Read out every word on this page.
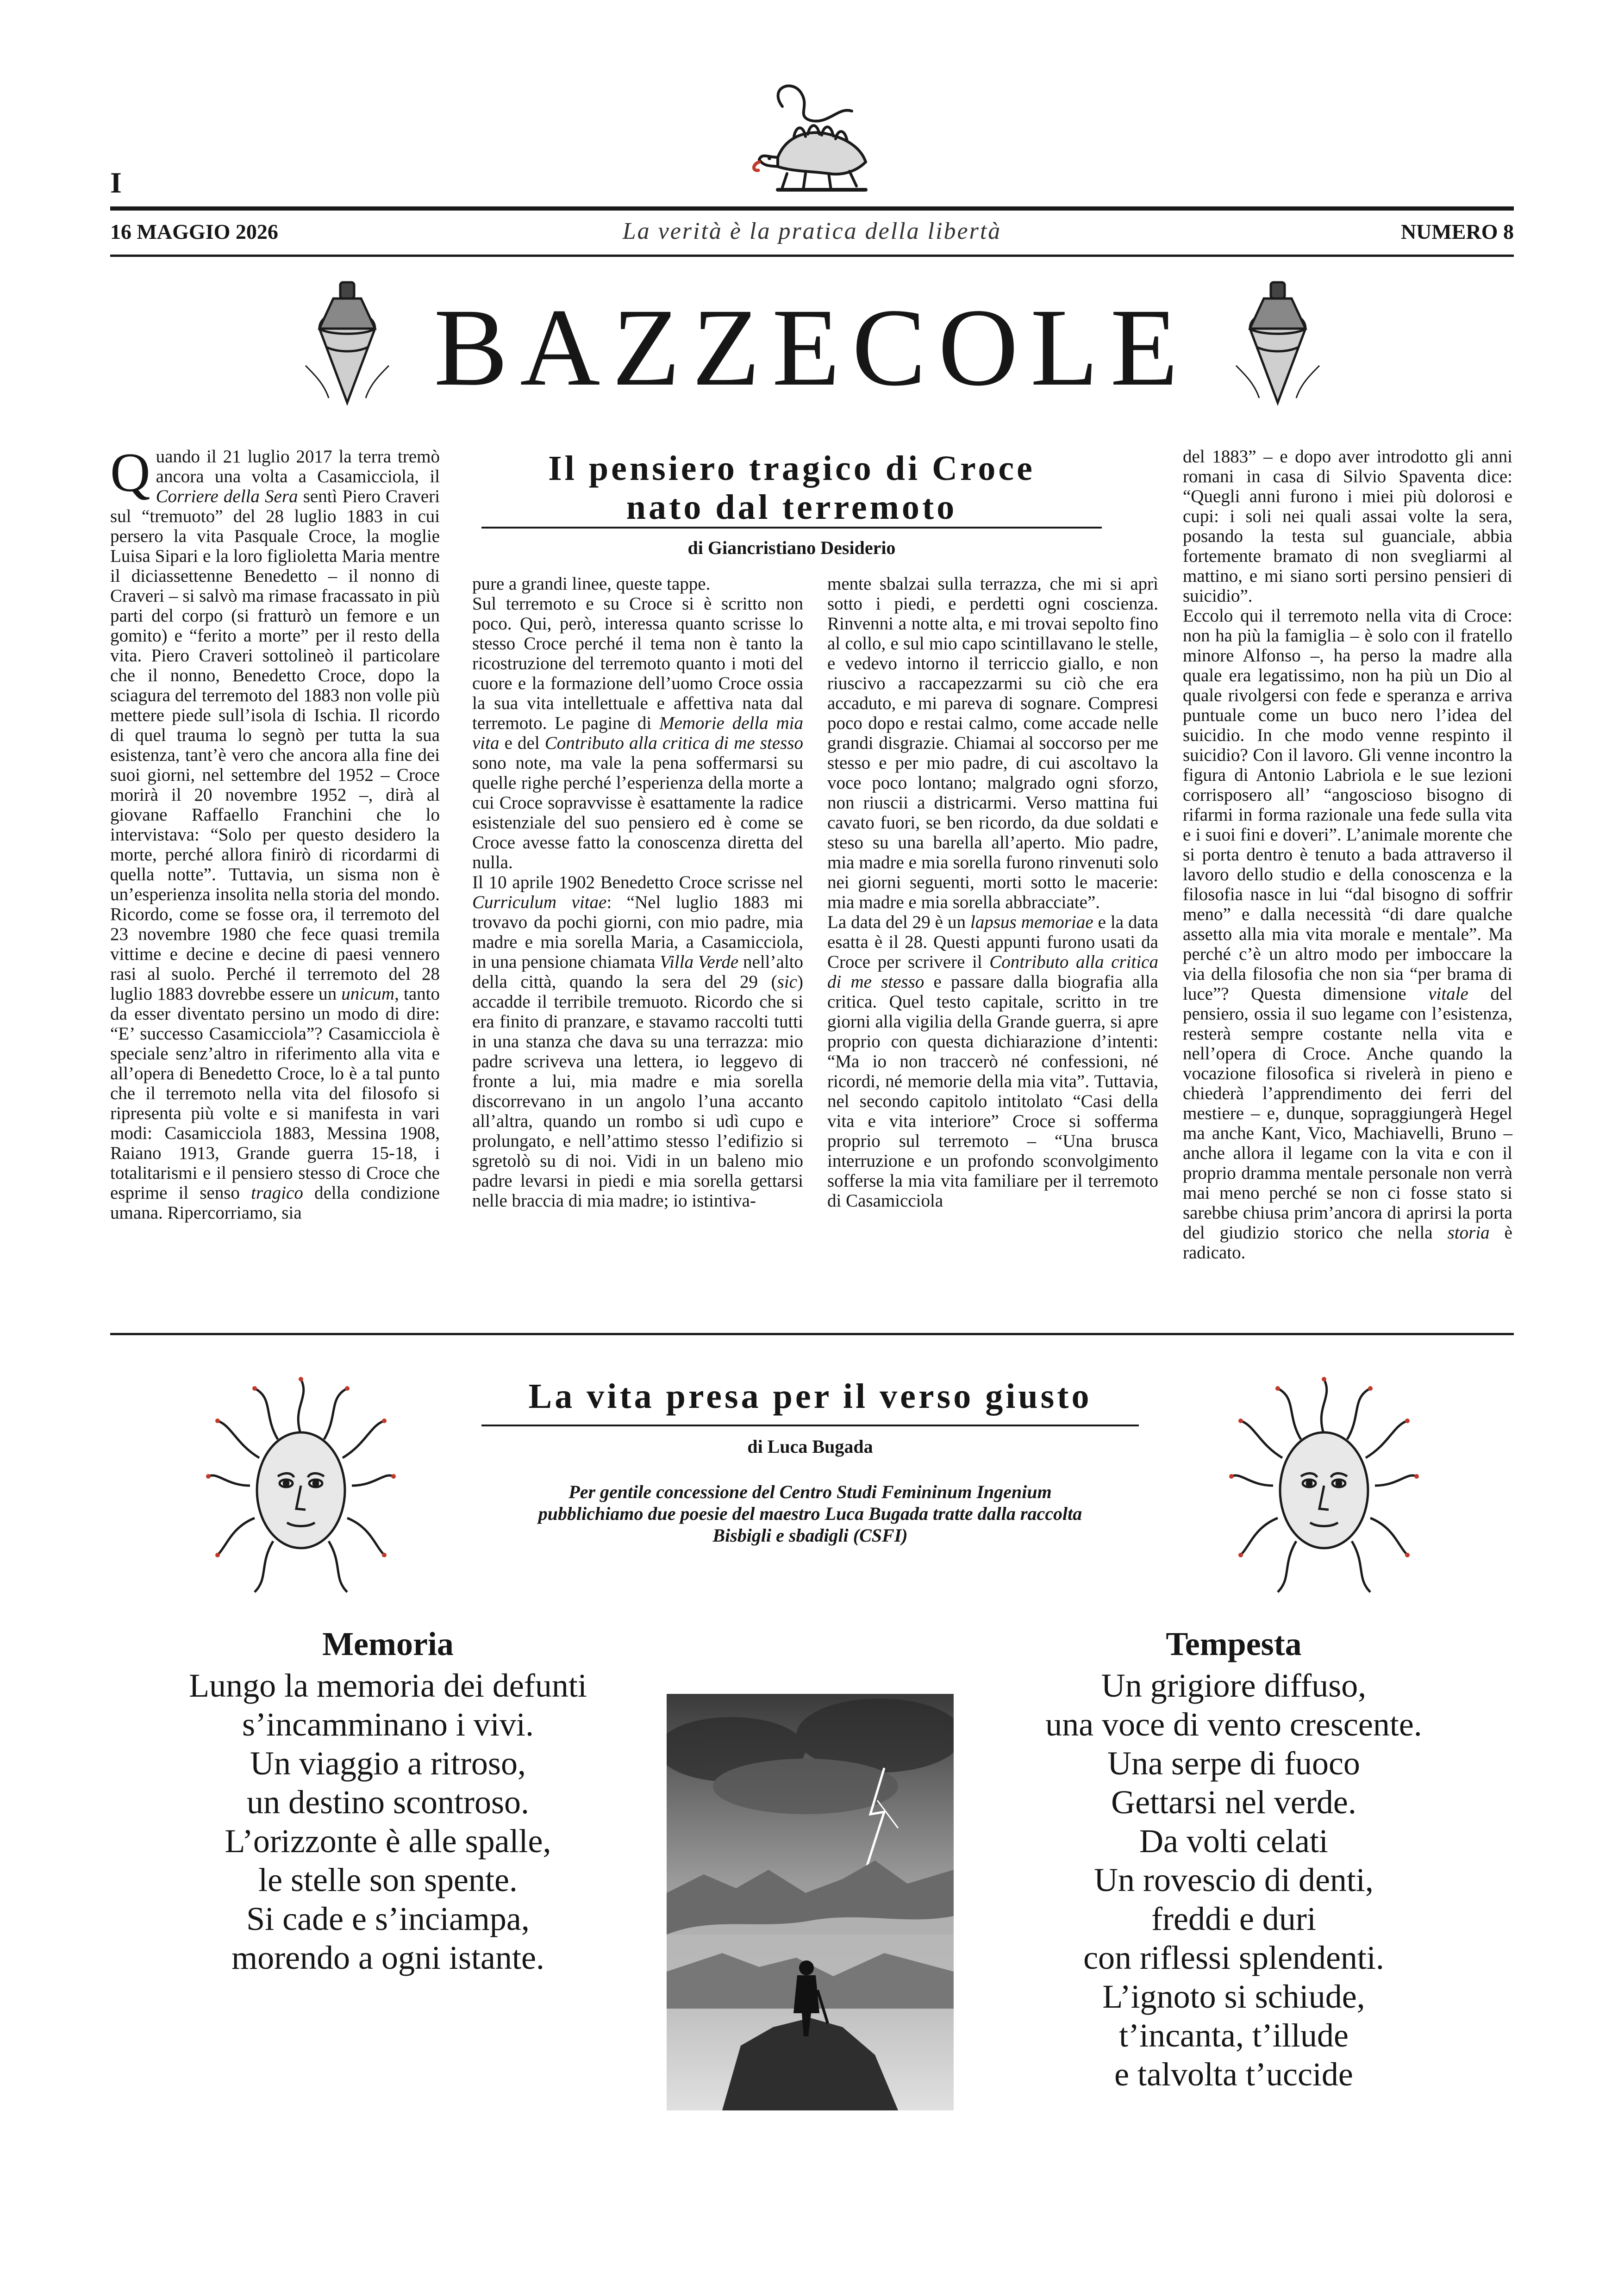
I
16 MAGGIO 2026	La verità è la pratica della libertà	NUMERO 8
BAZZECOLE

Quando il 21 luglio 2017 la terra tremò ancora una volta a Casamicciola, il Corriere della Sera sentì Piero Craveri sul “tremuoto” del 28 luglio 1883 in cui persero la vita Pasquale Croce, la moglie Luisa Sipari e la loro figlioletta Maria mentre il diciassettenne Benedetto – il nonno di Craveri – si salvò ma rimase fracassato in più parti del corpo (si fratturò un femore e un gomito) e “ferito a morte” per il resto della vita. Piero Craveri sottolineò il particolare che il nonno, Benedetto Croce, dopo la sciagura del terremoto del 1883 non volle più mettere piede sull’isola di Ischia. Il ricordo di quel trauma lo segnò per tutta la sua esistenza, tant’è vero che ancora alla fine dei suoi giorni, nel settembre del 1952 – Croce morirà il 20 novembre 1952 –, dirà al giovane Raffaello Franchini che lo intervistava: “Solo per questo desidero la morte, perché allora finirò di ricordarmi di quella notte”. Tuttavia, un sisma non è un’esperienza insolita nella storia del mondo. Ricordo, come se fosse ora, il terremoto del 23 novembre 1980 che fece quasi tremila vittime e decine e decine di paesi vennero rasi al suolo. Perché il terremoto del 28 luglio 1883 dovrebbe essere un unicum, tanto da esser diventato persino un modo di dire: “E’ successo Casamicciola”? Casamicciola è speciale senz’altro in riferimento alla vita e all’opera di Benedetto Croce, lo è a tal punto che il terremoto nella vita del filosofo si ripresenta più volte e si manifesta in vari modi: Casamicciola 1883, Messina 1908, Raiano 1913, Grande guerra 15-18, i totalitarismi e il pensiero stesso di Croce che esprime il senso tragico della condizione umana. Ripercorriamo, sia

Il pensiero tragico di Croce
nato dal terremoto
di Giancristiano Desiderio

pure a grandi linee, queste tappe.

Sul terremoto e su Croce si è scritto non poco. Qui, però, interessa quanto scrisse lo stesso Croce perché il tema non è tanto la ricostruzione del terremoto quanto i moti del cuore e la formazione dell’uomo Croce ossia la sua vita intellettuale e affettiva nata dal terremoto. Le pagine di Memorie della mia vita e del Contributo alla critica di me stesso sono note, ma vale la pena soffermarsi su quelle righe perché l’esperienza della morte a cui Croce sopravvisse è esattamente la radice esistenziale del suo pensiero ed è come se Croce avesse fatto la conoscenza diretta del nulla.

Il 10 aprile 1902 Benedetto Croce scrisse nel Curriculum vitae: “Nel luglio 1883 mi trovavo da pochi giorni, con mio padre, mia madre e mia sorella Maria, a Casamicciola, in una pensione chiamata Villa Verde nell’alto della città, quando la sera del 29 (sic) accadde il terribile tremuoto. Ricordo che si era finito di pranzare, e stavamo raccolti tutti in una stanza che dava su una terrazza: mio padre scriveva una lettera, io leggevo di fronte a lui, mia madre e mia sorella discorrevano in un angolo l’una accanto all’altra, quando un rombo si udì cupo e prolungato, e nell’attimo stesso l’edifizio si sgretolò su di noi. Vidi in un baleno mio padre levarsi in piedi e mia sorella gettarsi nelle braccia di mia madre; io istintiva-

mente sbalzai sulla terrazza, che mi si aprì sotto i piedi, e perdetti ogni coscienza. Rinvenni a notte alta, e mi trovai sepolto fino al collo, e sul mio capo scintillavano le stelle, e vedevo intorno il terriccio giallo, e non riuscivo a raccapezzarmi su ciò che era accaduto, e mi pareva di sognare. Compresi poco dopo e restai calmo, come accade nelle grandi disgrazie. Chiamai al soccorso per me stesso e per mio padre, di cui ascoltavo la voce poco lontano; malgrado ogni sforzo, non riuscii a districarmi. Verso mattina fui cavato fuori, se ben ricordo, da due soldati e steso su una barella all’aperto. Mio padre, mia madre e mia sorella furono rinvenuti solo nei giorni seguenti, morti sotto le macerie: mia madre e mia sorella abbracciate”.

La data del 29 è un lapsus memoriae e la data esatta è il 28. Questi appunti furono usati da Croce per scrivere il Contributo alla critica di me stesso e passare dalla biografia alla critica. Quel testo capitale, scritto in tre giorni alla vigilia della Grande guerra, si apre proprio con questa dichiarazione d’intenti: “Ma io non traccerò né confessioni, né ricordi, né memorie della mia vita”. Tuttavia, nel secondo capitolo intitolato “Casi della vita e vita interiore” Croce si sofferma proprio sul terremoto – “Una brusca interruzione e un profondo sconvolgimento sofferse la mia vita familiare per il terremoto di Casamicciola

del 1883” – e dopo aver introdotto gli anni romani in casa di Silvio Spaventa dice: “Quegli anni furono i miei più dolorosi e cupi: i soli nei quali assai volte la sera, posando la testa sul guanciale, abbia fortemente bramato di non svegliarmi al mattino, e mi siano sorti persino pensieri di suicidio”.

Eccolo qui il terremoto nella vita di Croce: non ha più la famiglia – è solo con il fratello minore Alfonso –, ha perso la madre alla quale era legatissimo, non ha più un Dio al quale rivolgersi con fede e speranza e arriva puntuale come un buco nero l’idea del suicidio. In che modo venne respinto il suicidio? Con il lavoro. Gli venne incontro la figura di Antonio Labriola e le sue lezioni corrisposero all’ “angoscioso bisogno di rifarmi in forma razionale una fede sulla vita e i suoi fini e doveri”. L’animale morente che si porta dentro è tenuto a bada attraverso il lavoro dello studio e della conoscenza e la filosofia nasce in lui “dal bisogno di soffrir meno” e dalla necessità “di dare qualche assetto alla mia vita morale e mentale”. Ma perché c’è un altro modo per imboccare la via della filosofia che non sia “per brama di luce”? Questa dimensione vitale del pensiero, ossia il suo legame con l’esistenza, resterà sempre costante nella vita e nell’opera di Croce. Anche quando la vocazione filosofica si rivelerà in pieno e chiederà l’apprendimento dei ferri del mestiere – e, dunque, sopraggiungerà Hegel ma anche Kant, Vico, Machiavelli, Bruno – anche allora il legame con la vita e con il proprio dramma mentale personale non verrà mai meno perché se non ci fosse stato si sarebbe chiusa prim’ancora di aprirsi la porta del giudizio storico che nella storia è radicato.

La vita presa per il verso giusto
di Luca Bugada
Per gentile concessione del Centro Studi Femininum Ingenium
pubblichiamo due poesie del maestro Luca Bugada tratte dalla raccolta
Bisbigli e sbadigli (CSFI)
Memoria
Lungo la memoria dei defunti
s’incamminano i vivi.
Un viaggio a ritroso,
un destino scontroso.
L’orizzonte è alle spalle,
le stelle son spente.
Si cade e s’inciampa,
morendo a ogni istante.
Tempesta
Un grigiore diffuso,
una voce di vento crescente.
Una serpe di fuoco
Gettarsi nel verde.
Da volti celati
Un rovescio di denti,
freddi e duri
con riflessi splendenti.
L’ignoto si schiude,
t’incanta, t’illude
e talvolta t’uccide
